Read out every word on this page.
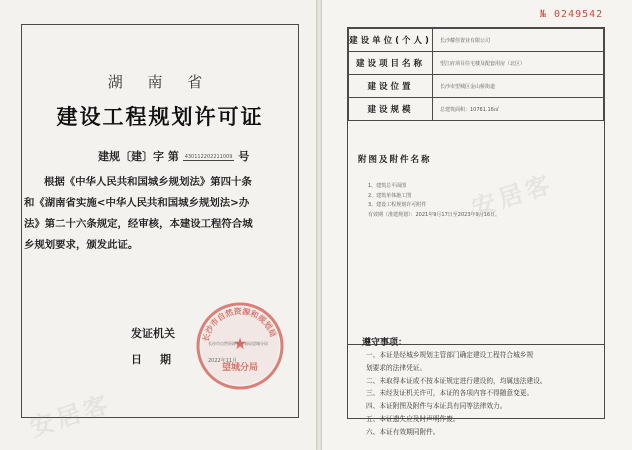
湖 南 省
建设工程规划许可证
建规〔建〕字 第 430112202211009 号

根据《中华人民共和国城乡规划法》第四十条和《湖南省实施<中华人民共和国城乡规划法>办法》第二十六条规定，经审核，本建设工程符合城乡规划要求，颁发此证。

发证机关
日期
长沙市自然资源和规划局
★
望城分局
安居客
安居客
№ 0249542
建设单位(个人)	长沙耀佳置业有限公司
建设项目名称	望江府项目住宅楼及配套用房（北区）
建设位置	长沙市望城区金山桥街道
建设规模	总建筑面积：10761.16㎡
附图及附件名称
1、建筑总平面图
2、建筑单体施工图
3、建设工程规划许可附件
有效期（准建规划）：2021年9月17日至2023年9月16日。
遵守事项：
一、本证是经城乡规划主管部门确定建设工程符合城乡规
划要求的法律凭证。
二、未取得本证或不按本证规定进行建设的，均属违法建设。
三、未经发证机关许可，本证的各项内容不得随意变更。
四、本证附图及附件与本证具有同等法律效力。
五、本证遗失应及时声明作废。
六、本证有效期同附件。
